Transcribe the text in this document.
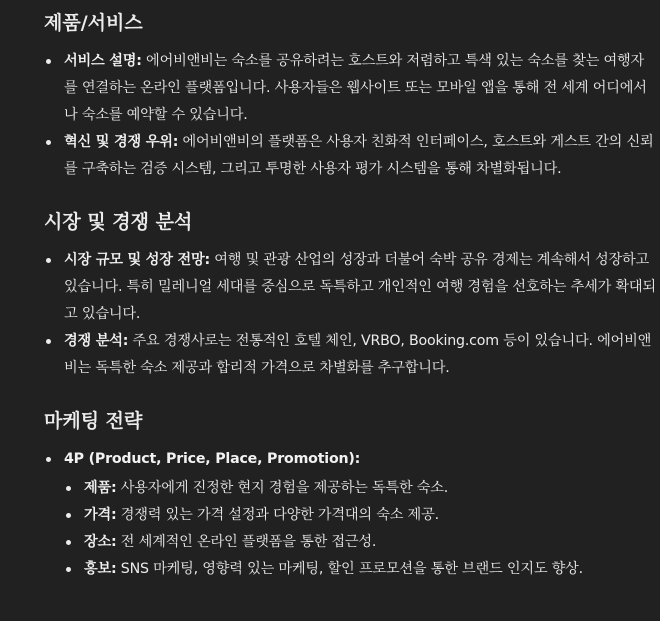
제품/서비스
서비스 설명: 에어비앤비는 숙소를 공유하려는 호스트와 저렴하고 특색 있는 숙소를 찾는 여행자를 연결하는 온라인 플랫폼입니다. 사용자들은 웹사이트 또는 모바일 앱을 통해 전 세계 어디에서나 숙소를 예약할 수 있습니다.
혁신 및 경쟁 우위: 에어비앤비의 플랫폼은 사용자 친화적 인터페이스, 호스트와 게스트 간의 신뢰를 구축하는 검증 시스템, 그리고 투명한 사용자 평가 시스템을 통해 차별화됩니다.
시장 및 경쟁 분석
시장 규모 및 성장 전망: 여행 및 관광 산업의 성장과 더불어 숙박 공유 경제는 계속해서 성장하고 있습니다. 특히 밀레니얼 세대를 중심으로 독특하고 개인적인 여행 경험을 선호하는 추세가 확대되고 있습니다.
경쟁 분석: 주요 경쟁사로는 전통적인 호텔 체인, VRBO, Booking.com 등이 있습니다. 에어비앤비는 독특한 숙소 제공과 합리적 가격으로 차별화를 추구합니다.
마케팅 전략
4P (Product, Price, Place, Promotion):
제품: 사용자에게 진정한 현지 경험을 제공하는 독특한 숙소.
가격: 경쟁력 있는 가격 설정과 다양한 가격대의 숙소 제공.
장소: 전 세계적인 온라인 플랫폼을 통한 접근성.
홍보: SNS 마케팅, 영향력 있는 마케팅, 할인 프로모션을 통한 브랜드 인지도 향상.
